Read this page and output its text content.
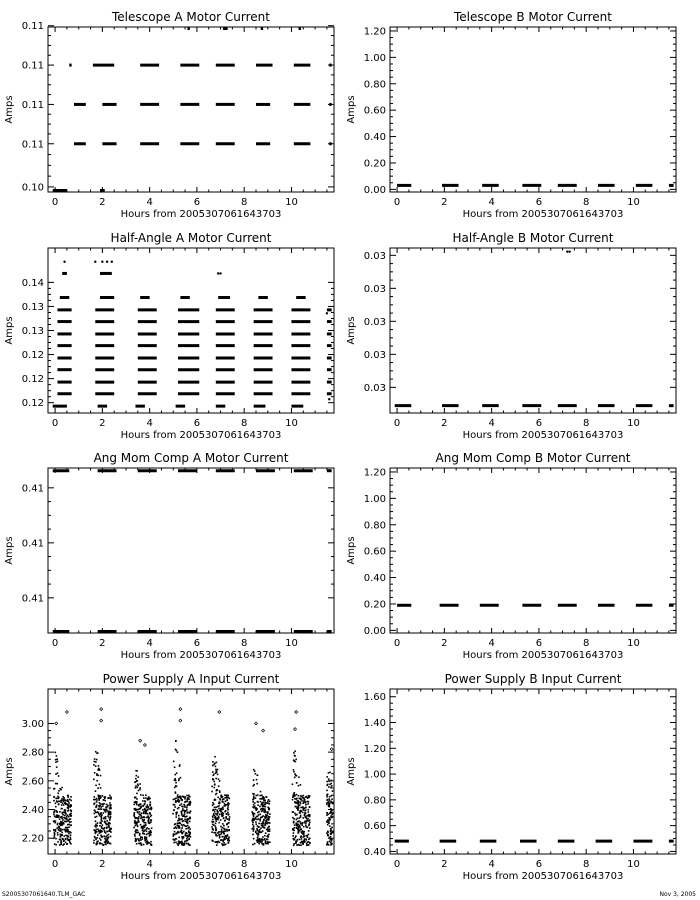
Telescope A Motor Current
0	2	4	6	8	10
0.10
0.11
0.11
0.11
0.11
Hours from 2005307061643703
Amps
Telescope B Motor Current
0	2	4	6	8	10
0.00
0.20
0.40
0.60
0.80
1.00
1.20
Hours from 2005307061643703
Amps
Half-Angle A Motor Current
0	2	4	6	8	10
0.12
0.12
0.12
0.13
0.13
0.14
Hours from 2005307061643703
Amps
Half-Angle B Motor Current
0	2	4	6	8	10
0.03
0.03
0.03
0.03
0.03
Hours from 2005307061643703
Amps
Ang Mom Comp A Motor Current
0	2	4	6	8	10
0.41
0.41
0.41
Hours from 2005307061643703
Amps
Ang Mom Comp B Motor Current
0	2	4	6	8	10
0.00
0.20
0.40
0.60
0.80
1.00
1.20
Hours from 2005307061643703
Amps
Power Supply A Input Current
0	2	4	6	8	10
2.20
2.40
2.60
2.80
3.00
Hours from 2005307061643703
Amps
Power Supply B Input Current
0	2	4	6	8	10
0.40
0.60
0.80
1.00
1.20
1.40
1.60
Hours from 2005307061643703
Amps
S2005307061640.TLM_GAC	Nov 3, 2005
